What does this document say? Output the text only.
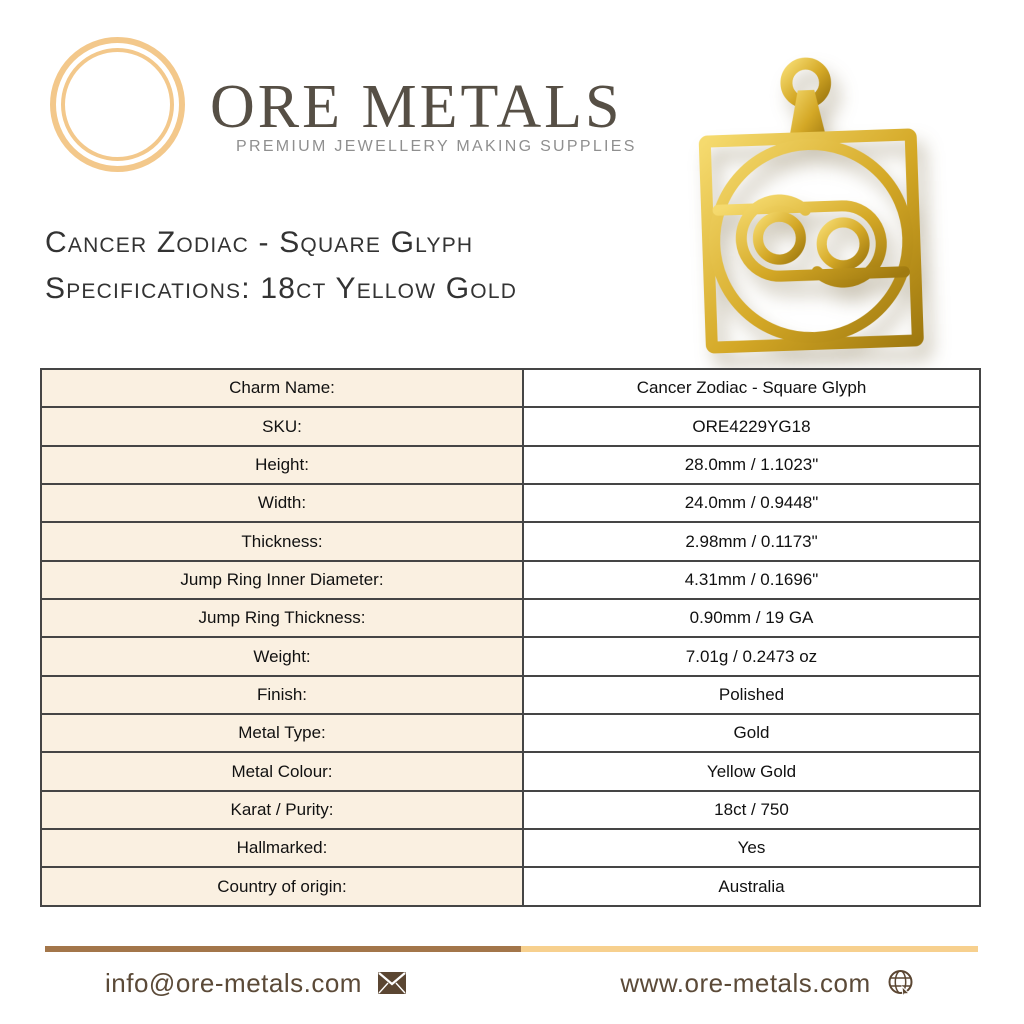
ORE METALS
PREMIUM JEWELLERY MAKING SUPPLIES
Cancer Zodiac - Square Glyph
Specifications: 18ct Yellow Gold
Charm Name:	Cancer Zodiac - Square Glyph
SKU:	ORE4229YG18
Height:	28.0mm / 1.1023"
Width:	24.0mm / 0.9448"
Thickness:	2.98mm / 0.1173"
Jump Ring Inner Diameter:	4.31mm / 0.1696"
Jump Ring Thickness:	0.90mm / 19 GA
Weight:	7.01g / 0.2473 oz
Finish:	Polished
Metal Type:	Gold
Metal Colour:	Yellow Gold
Karat / Purity:	18ct / 750
Hallmarked:	Yes
Country of origin:	Australia
info@ore-metals.com	www.ore-metals.com
